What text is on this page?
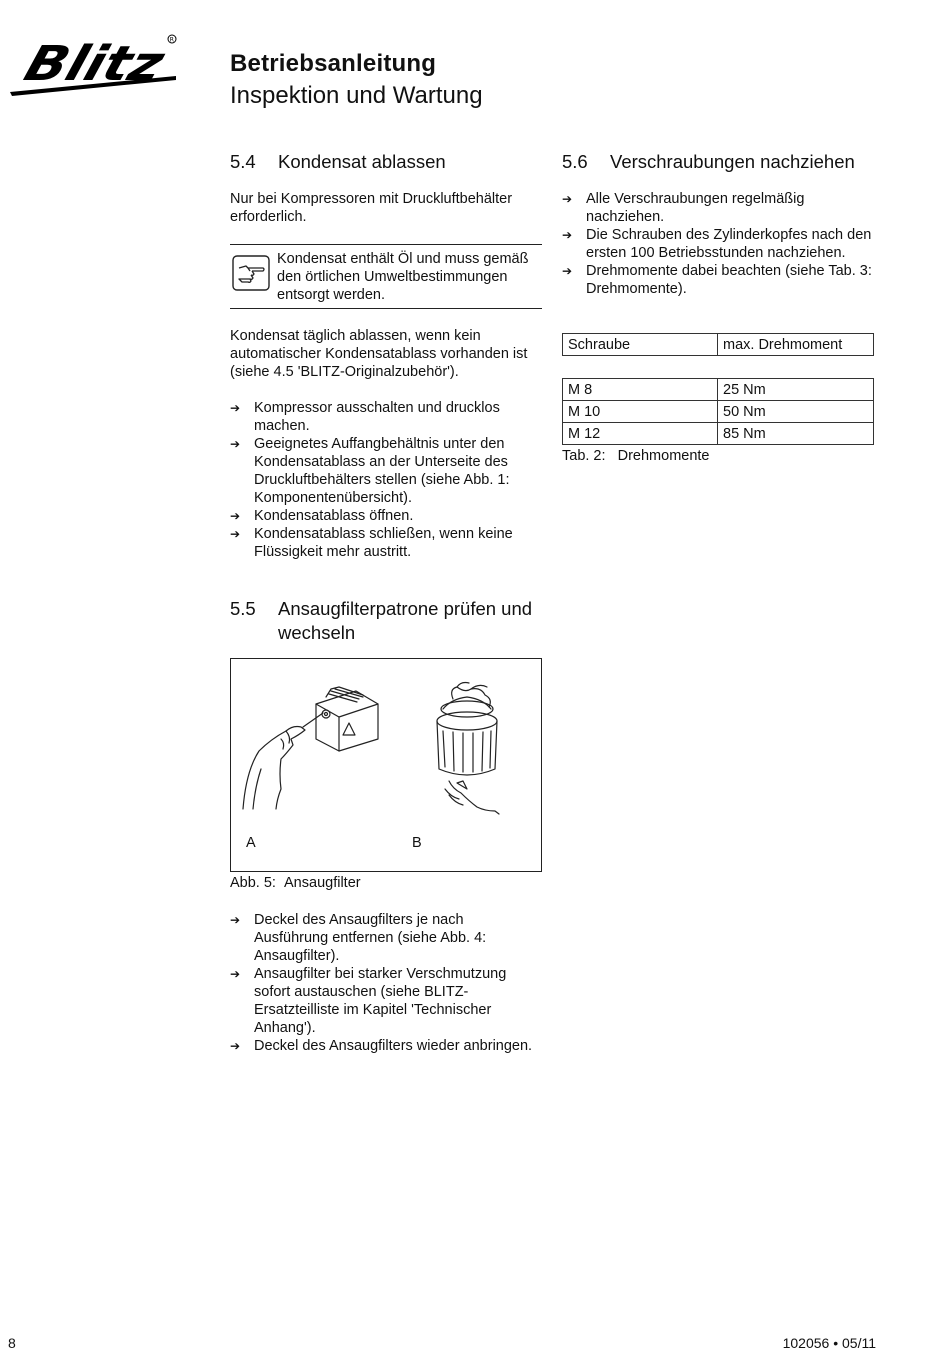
Blitz	R
Betriebsanleitung
Inspektion und Wartung
5.4 Kondensat ablassen
Nur bei Kompressoren mit Druckluftbehälter erforderlich.
Kondensat enthält Öl und muss gemäß den örtlichen Umweltbestimmungen entsorgt werden.
Kondensat täglich ablassen, wenn kein automatischer Kondensatablass vorhanden ist (siehe 4.5 'BLITZ-Originalzubehör').
➔ Kompressor ausschalten und drucklos machen.
➔ Geeignetes Auffangbehältnis unter den Kondensatablass an der Unterseite des Druckluftbehälters stellen (siehe Abb. 1: Komponentenübersicht).
➔ Kondensatablass öffnen.
➔ Kondensatablass schließen, wenn keine Flüssigkeit mehr austritt.
5.5	Ansaugfilterpatrone prüfen und wechseln
A	B
Abb. 5: Ansaugfilter
➔ Deckel des Ansaugfilters je nach Ausführung entfernen (siehe Abb. 4: Ansaugfilter).
➔ Ansaugfilter bei starker Verschmutzung sofort austauschen (siehe BLITZ-Ersatzteilliste im Kapitel 'Technischer Anhang').
➔ Deckel des Ansaugfilters wieder anbringen.
5.6 Verschraubungen nachziehen
➔ Alle Verschraubungen regelmäßig nachziehen.
➔ Die Schrauben des Zylinderkopfes nach den ersten 100 Betriebsstunden nachziehen.
➔ Drehmomente dabei beachten (siehe Tab. 3: Drehmomente).
Schraube	max. Drehmoment
M 8	25 Nm
M 10	50 Nm
M 12	85 Nm
Tab. 2: Drehmomente
8	102056 • 05/11
